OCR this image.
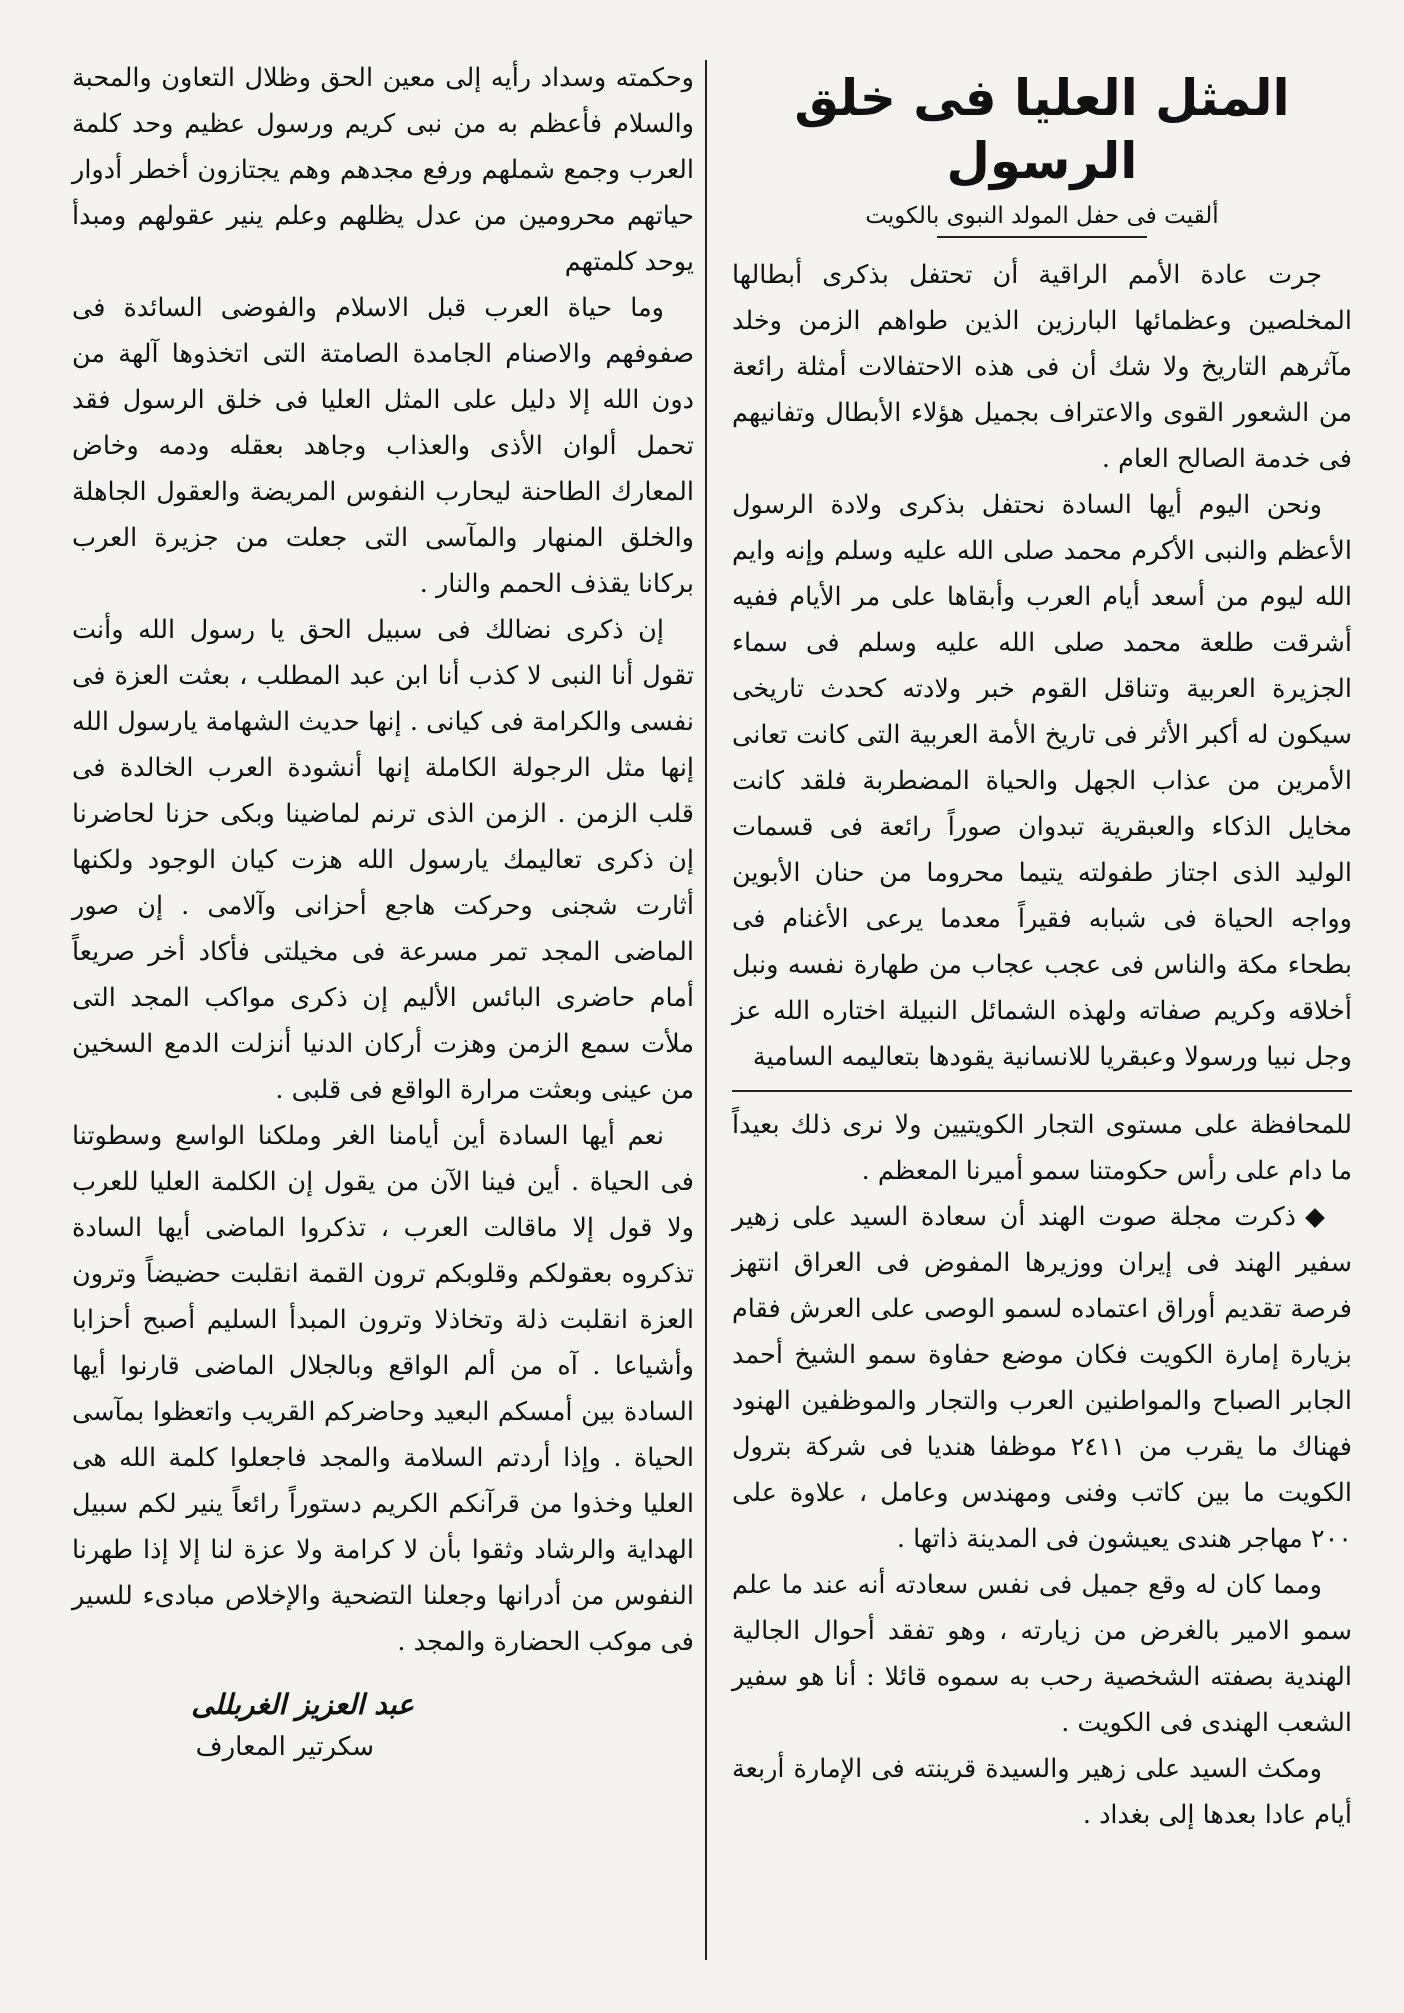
المثل العليا فى خلق الرسول
ألقيت فى حفل المولد النبوى بالكويت

جرت عادة الأمم الراقية أن تحتفل بذكرى أبطالها المخلصين وعظمائها البارزين الذين طواهم الزمن وخلد مآثرهم التاريخ ولا شك أن فى هذه الاحتفالات أمثلة رائعة من الشعور القوى والاعتراف بجميل هؤلاء الأبطال وتفانيهم فى خدمة الصالح العام .

ونحن اليوم أيها السادة نحتفل بذكرى ولادة الرسول الأعظم والنبى الأكرم محمد صلى الله عليه وسلم وإنه وايم الله ليوم من أسعد أيام العرب وأبقاها على مر الأيام ففيه أشرقت طلعة محمد صلى الله عليه وسلم فى سماء الجزيرة العربية وتناقل القوم خبر ولادته كحدث تاريخى سيكون له أكبر الأثر فى تاريخ الأمة العربية التى كانت تعانى الأمرين من عذاب الجهل والحياة المضطربة فلقد كانت مخايل الذكاء والعبقرية تبدوان صوراً رائعة فى قسمات الوليد الذى اجتاز طفولته يتيما محروما من حنان الأبوين وواجه الحياة فى شبابه فقيراً معدما يرعى الأغنام فى بطحاء مكة والناس فى عجب عجاب من طهارة نفسه ونبل أخلاقه وكريم صفاته ولهذه الشمائل النبيلة اختاره الله عز وجل نبيا ورسولا وعبقريا للانسانية يقودها بتعاليمه السامية

للمحافظة على مستوى التجار الكويتيين ولا نرى ذلك بعيداً ما دام على رأس حكومتنا سمو أميرنا المعظم .

ذكرت مجلة صوت الهند أن سعادة السيد على زهير سفير الهند فى إيران ووزيرها المفوض فى العراق انتهز فرصة تقديم أوراق اعتماده لسمو الوصى على العرش فقام بزيارة إمارة الكويت فكان موضع حفاوة سمو الشيخ أحمد الجابر الصباح والمواطنين العرب والتجار والموظفين الهنود فهناك ما يقرب من ٢٤١١ موظفا هنديا فى شركة بترول الكويت ما بين كاتب وفنى ومهندس وعامل ، علاوة على ٢٠٠ مهاجر هندى يعيشون فى المدينة ذاتها .

ومما كان له وقع جميل فى نفس سعادته أنه عند ما علم سمو الامير بالغرض من زيارته ، وهو تفقد أحوال الجالية الهندية بصفته الشخصية رحب به سموه قائلا : أنا هو سفير الشعب الهندى فى الكويت .

ومكث السيد على زهير والسيدة قرينته فى الإمارة أربعة أيام عادا بعدها إلى بغداد .

وحكمته وسداد رأيه إلى معين الحق وظلال التعاون والمحبة والسلام فأعظم به من نبى كريم ورسول عظيم وحد كلمة العرب وجمع شملهم ورفع مجدهم وهم يجتازون أخطر أدوار حياتهم محرومين من عدل يظلهم وعلم ينير عقولهم ومبدأ يوحد كلمتهم

وما حياة العرب قبل الاسلام والفوضى السائدة فى صفوفهم والاصنام الجامدة الصامتة التى اتخذوها آلهة من دون الله إلا دليل على المثل العليا فى خلق الرسول فقد تحمل ألوان الأذى والعذاب وجاهد بعقله ودمه وخاض المعارك الطاحنة ليحارب النفوس المريضة والعقول الجاهلة والخلق المنهار والمآسى التى جعلت من جزيرة العرب بركانا يقذف الحمم والنار .

إن ذكرى نضالك فى سبيل الحق يا رسول الله وأنت تقول أنا النبى لا كذب أنا ابن عبد المطلب ، بعثت العزة فى نفسى والكرامة فى كيانى . إنها حديث الشهامة يارسول الله إنها مثل الرجولة الكاملة إنها أنشودة العرب الخالدة فى قلب الزمن . الزمن الذى ترنم لماضينا وبكى حزنا لحاضرنا إن ذكرى تعاليمك يارسول الله هزت كيان الوجود ولكنها أثارت شجنى وحركت هاجع أحزانى وآلامى . إن صور الماضى المجد تمر مسرعة فى مخيلتى فأكاد أخر صريعاً أمام حاضرى البائس الأليم إن ذكرى مواكب المجد التى ملأت سمع الزمن وهزت أركان الدنيا أنزلت الدمع السخين من عينى وبعثت مرارة الواقع فى قلبى .

نعم أيها السادة أين أيامنا الغر وملكنا الواسع وسطوتنا فى الحياة . أين فينا الآن من يقول إن الكلمة العليا للعرب ولا قول إلا ماقالت العرب ، تذكروا الماضى أيها السادة تذكروه بعقولكم وقلوبكم ترون القمة انقلبت حضيضاً وترون العزة انقلبت ذلة وتخاذلا وترون المبدأ السليم أصبح أحزابا وأشياعا . آه من ألم الواقع وبالجلال الماضى قارنوا أيها السادة بين أمسكم البعيد وحاضركم القريب واتعظوا بمآسى الحياة . وإذا أردتم السلامة والمجد فاجعلوا كلمة الله هى العليا وخذوا من قرآنكم الكريم دستوراً رائعاً ينير لكم سبيل الهداية والرشاد وثقوا بأن لا كرامة ولا عزة لنا إلا إذا طهرنا النفوس من أدرانها وجعلنا التضحية والإخلاص مبادىء للسير فى موكب الحضارة والمجد .

عبد العزيز الغربللى
سكرتير المعارف
